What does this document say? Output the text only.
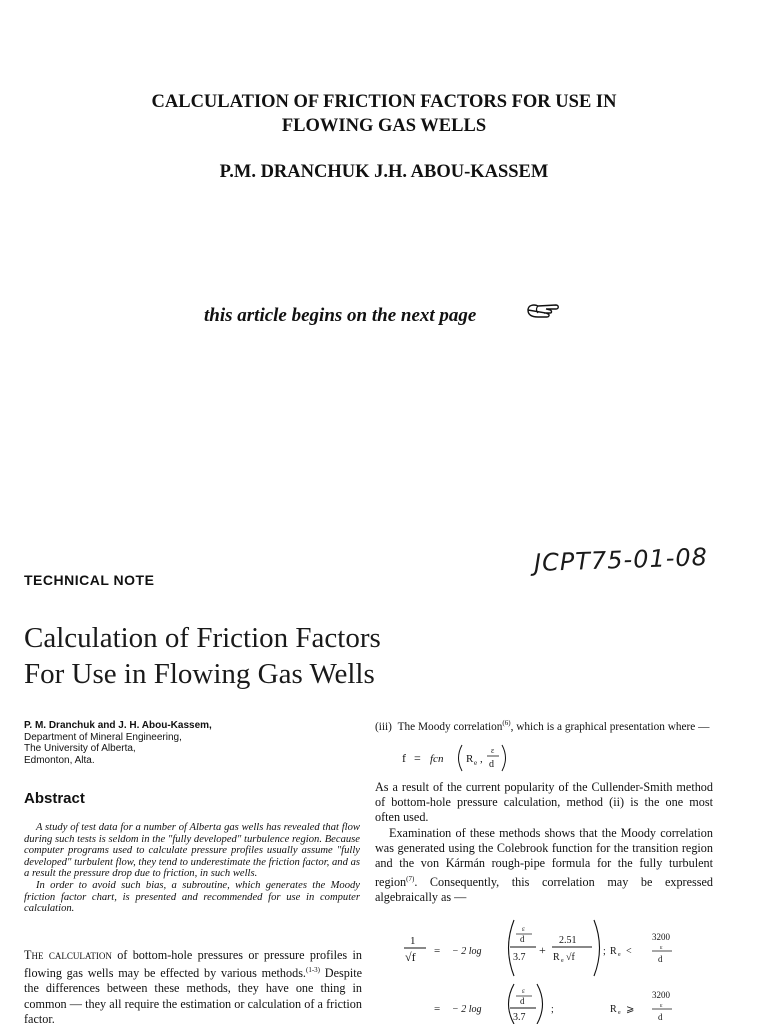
CALCULATION OF FRICTION FACTORS FOR USE IN
FLOWING GAS WELLS
P.M. DRANCHUK J.H. ABOU-KASSEM
this article begins on the next page
JCPT75-01-08
TECHNICAL NOTE
Calculation of Friction Factors
For Use in Flowing Gas Wells
P. M. Dranchuk and J. H. Abou-Kassem,
Department of Mineral Engineering,
The University of Alberta,
Edmonton, Alta.
Abstract
A study of test data for a number of Alberta gas wells has revealed that flow during such tests is seldom in the "fully developed" turbulence region. Because computer programs used to calculate pressure profiles usually assume "fully developed" turbulent flow, they tend to underestimate the friction factor, and as a result the pressure drop due to friction, in such wells.
In order to avoid such bias, a subroutine, which generates the Moody friction factor chart, is presented and recommended for use in computer calculation.
The calculation of bottom-hole pressures or pressure profiles in flowing gas wells may be effected by various methods.$^{(1-3)}$ Despite the differences between these methods, they have one thing in common — they all require the estimation or calculation of a friction factor.
(iii) The Moody correlation$^{(6)}$, which is a graphical presentation where —
f = fcn R e ,
ε
d
As a result of the current popularity of the Cullender-Smith method of bottom-hole pressure calculation, method (ii) is the one most often used.
Examination of these methods shows that the Moody correlation was generated using the Colebrook function for the transition region and the von Kármán rough-pipe formula for the fully turbulent region$^{(7)}$. Consequently, this correlation may be expressed algebraically as —
1
√f = − 2 log
ε
d
3.7
+
2.51
R e √f
; R e <
3200
ε
d
= − 2 log
ε
d
3.7
;	R e ⩾
3200
ε
d
